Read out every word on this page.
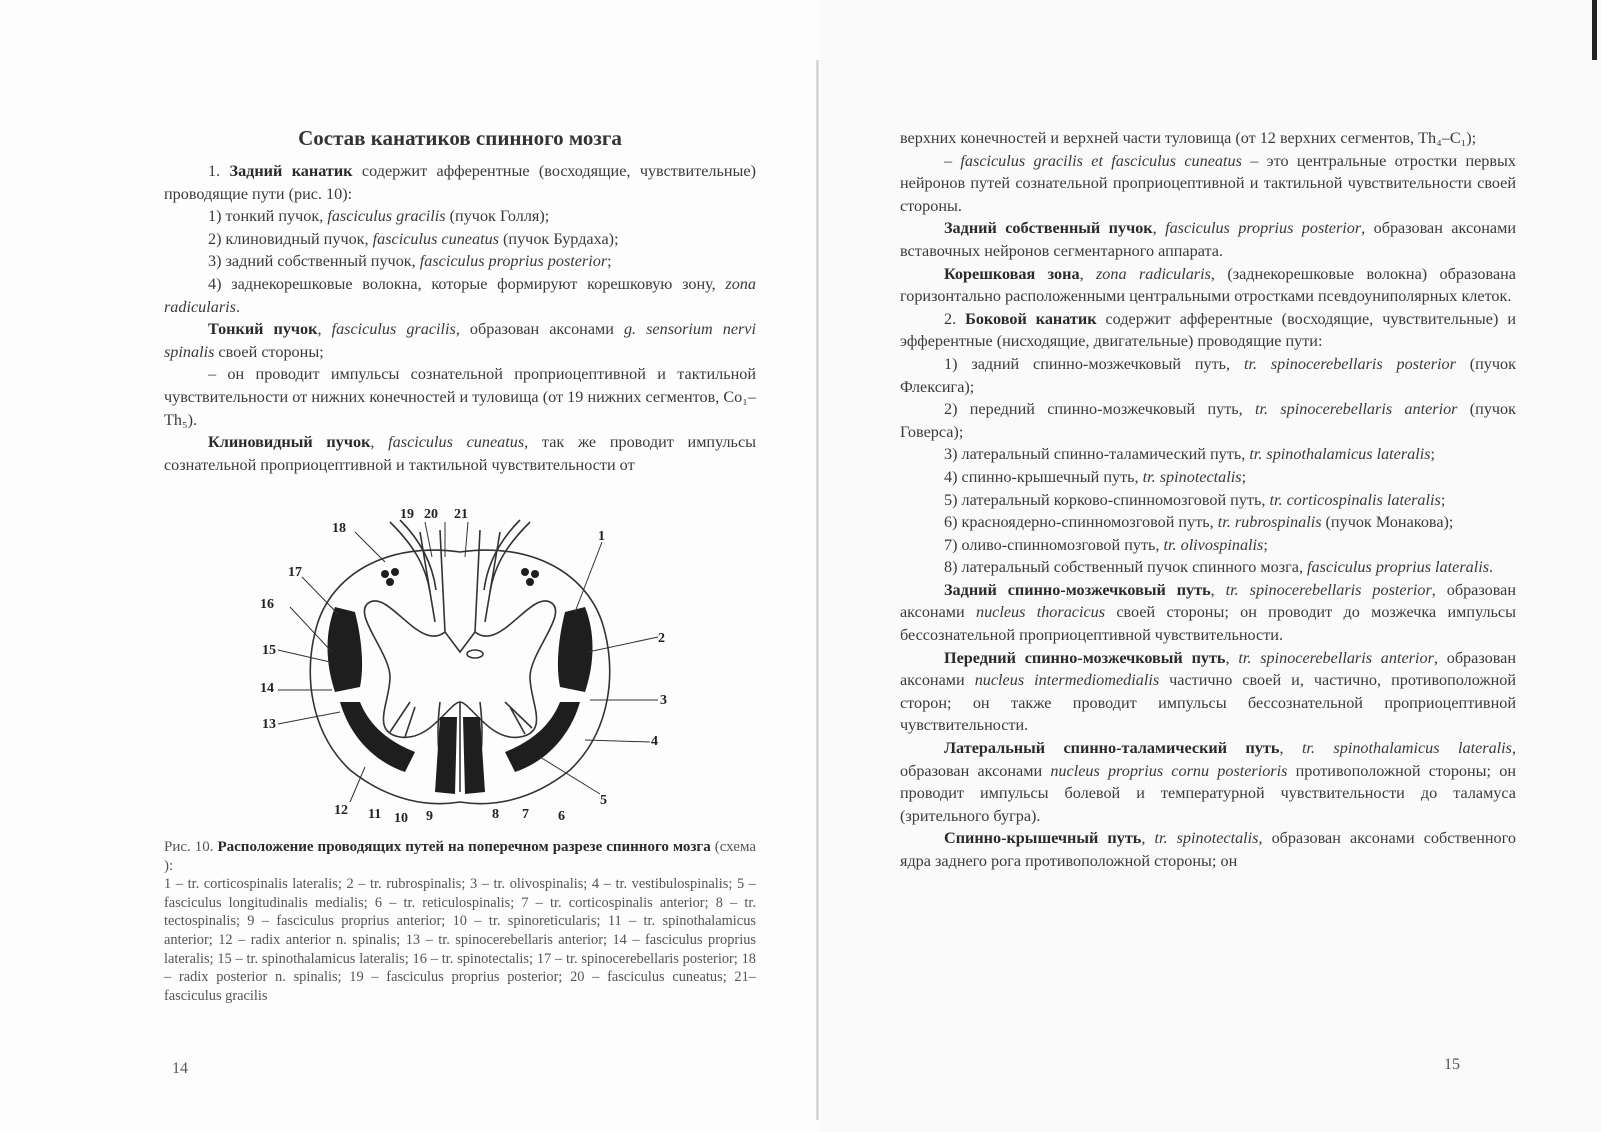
Состав канатиков спинного мозга

1. Задний канатик содержит афферентные (восходящие, чувствительные) проводящие пути (рис. 10):

1) тонкий пучок, fasciculus gracilis (пучок Голля);

2) клиновидный пучок, fasciculus cuneatus (пучок Бурдаха);

3) задний собственный пучок, fasciculus proprius posterior;

4) заднекорешковые волокна, которые формируют корешковую зону, zona radicularis.

Тонкий пучок, fasciculus gracilis, образован аксонами g. sensorium nervi spinalis своей стороны;

– он проводит импульсы сознательной проприоцептивной и тактильной чувствительности от нижних конечностей и туловища (от 19 нижних сегментов, Co₁–Th₅).

Клиновидный пучок, fasciculus cuneatus, так же проводит импульсы сознательной проприоцептивной и тактильной чувствительности от

1
2
3
4
5
6
7
8
9
10
11
12
13
14
15
16
17
18
19 20 21
Рис. 10. Расположение проводящих путей на поперечном разрезе спинного мозга (схема ):
1 – tr. corticospinalis lateralis; 2 – tr. rubrospinalis; 3 – tr. olivospinalis; 4 – tr. vestibulospinalis; 5 – fasciculus longitudinalis medialis; 6 – tr. reticulospinalis; 7 – tr. corticospinalis anterior; 8 – tr. tectospinalis; 9 – fasciculus proprius anterior; 10 – tr. spinoreticularis; 11 – tr. spinothalamicus anterior; 12 – radix anterior n. spinalis; 13 – tr. spinocerebellaris anterior; 14 – fasciculus proprius lateralis; 15 – tr. spinothalamicus lateralis; 16 – tr. spinotectalis; 17 – tr. spinocerebellaris posterior; 18 – radix posterior n. spinalis; 19 – fasciculus proprius posterior; 20 – fasciculus cuneatus; 21– fasciculus gracilis
14

верхних конечностей и верхней части туловища (от 12 верхних сегментов, Th₄–C₁);

– fasciculus gracilis et fasciculus cuneatus – это центральные отростки первых нейронов путей сознательной проприоцептивной и тактильной чувствительности своей стороны.

Задний собственный пучок, fasciculus proprius posterior, образован аксонами вставочных нейронов сегментарного аппарата.

Корешковая зона, zona radicularis, (заднекорешковые волокна) образована горизонтально расположенными центральными отростками псевдоуниполярных клеток.

2. Боковой канатик содержит афферентные (восходящие, чувствительные) и эфферентные (нисходящие, двигательные) проводящие пути:

1) задний спинно-мозжечковый путь, tr. spinocerebellaris posterior (пучок Флексига);

2) передний спинно-мозжечковый путь, tr. spinocerebellaris anterior (пучок Говерса);

3) латеральный спинно-таламический путь, tr. spinothalamicus lateralis;

4) спинно-крышечный путь, tr. spinotectalis;

5) латеральный корково-спинномозговой путь, tr. corticospinalis lateralis;

6) красноядерно-спинномозговой путь, tr. rubrospinalis (пучок Монакова);

7) оливо-спинномозговой путь, tr. olivospinalis;

8) латеральный собственный пучок спинного мозга, fasciculus proprius lateralis.

Задний спинно-мозжечковый путь, tr. spinocerebellaris posterior, образован аксонами nucleus thoracicus своей стороны; он проводит до мозжечка импульсы бессознательной проприоцептивной чувствительности.

Передний спинно-мозжечковый путь, tr. spinocerebellaris anterior, образован аксонами nucleus intermediomedialis частично своей и, частично, противоположной сторон; он также проводит импульсы бессознательной проприоцептивной чувствительности.

Латеральный спинно-таламический путь, tr. spinothalamicus lateralis, образован аксонами nucleus proprius cornu posterioris противоположной стороны; он проводит импульсы болевой и температурной чувствительности до таламуса (зрительного бугра).

Спинно-крышечный путь, tr. spinotectalis, образован аксонами собственного ядра заднего рога противоположной стороны; он

15
